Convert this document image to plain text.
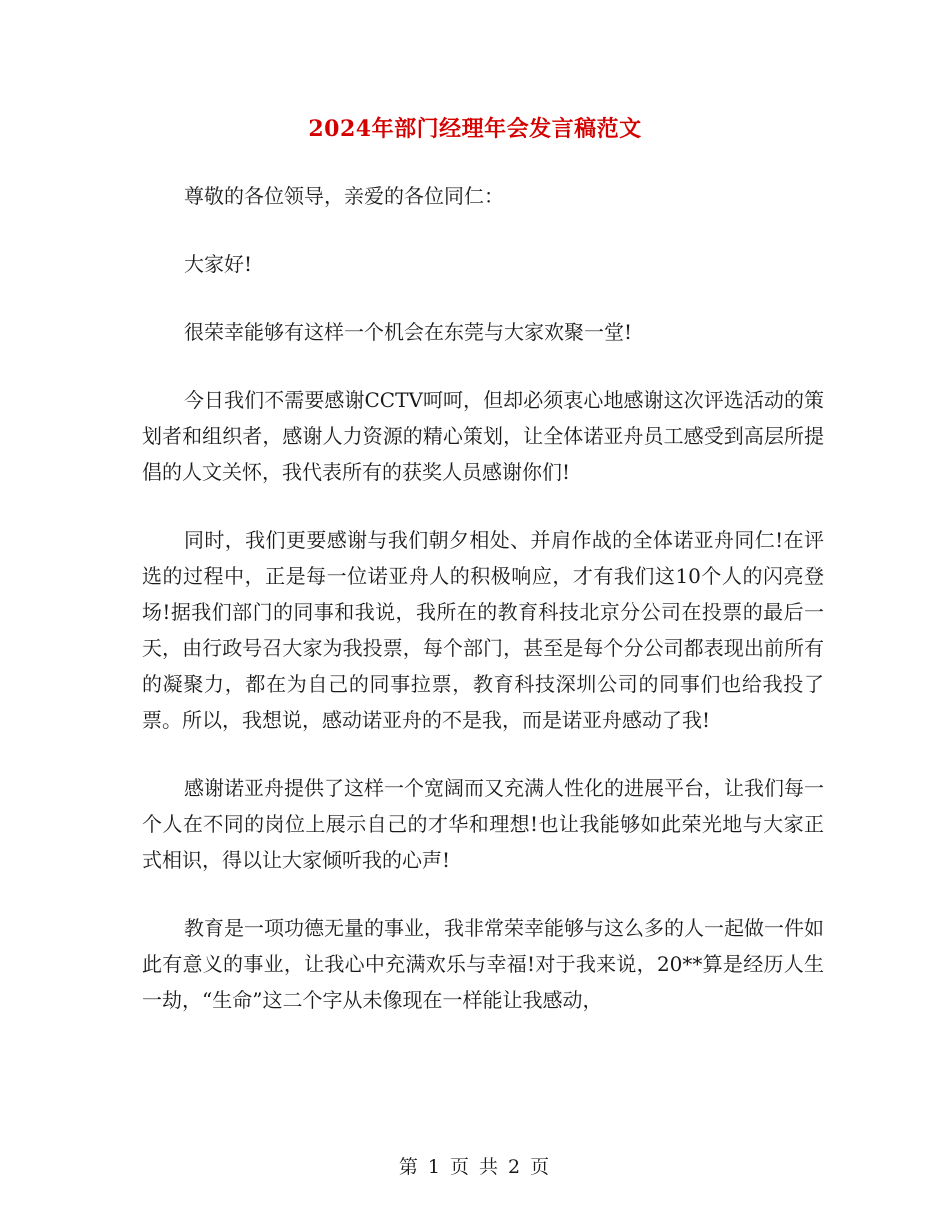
2024年部门经理年会发言稿范文

尊敬的各位领导，亲爱的各位同仁：

大家好!

很荣幸能够有这样一个机会在东莞与大家欢聚一堂!

今日我们不需要感谢CCTV呵呵，但却必须衷心地感谢这次评选活动的策划者和组织者，感谢人力资源的精心策划，让全体诺亚舟员工感受到高层所提倡的人文关怀，我代表所有的获奖人员感谢你们!

同时，我们更要感谢与我们朝夕相处、并肩作战的全体诺亚舟同仁!在评选的过程中，正是每一位诺亚舟人的积极响应，才有我们这10个人的闪亮登场!据我们部门的同事和我说，我所在的教育科技北京分公司在投票的最后一天，由行政号召大家为我投票，每个部门，甚至是每个分公司都表现出前所有的凝聚力，都在为自己的同事拉票，教育科技深圳公司的同事们也给我投了票。所以，我想说，感动诺亚舟的不是我，而是诺亚舟感动了我!

感谢诺亚舟提供了这样一个宽阔而又充满人性化的进展平台，让我们每一个人在不同的岗位上展示自己的才华和理想!也让我能够如此荣光地与大家正式相识，得以让大家倾听我的心声!

教育是一项功德无量的事业，我非常荣幸能够与这么多的人一起做一件如此有意义的事业，让我心中充满欢乐与幸福!对于我来说，20**算是经历人生一劫，“生命”这二个字从未像现在一样能让我感动，

第 1 页 共 2 页
